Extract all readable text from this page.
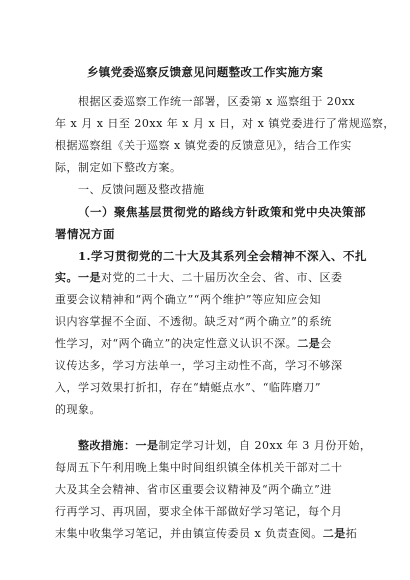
乡镇党委巡察反馈意见问题整改工作实施方案
根据区委巡察工作统一部署，区委第 x 巡察组于 20xx
年 x 月 x 日至 20xx 年 x 月 x 日，对 x 镇党委进行了常规巡察，
根据巡察组《关于巡察 x 镇党委的反馈意见》，结合工作实
际，制定如下整改方案。
一、反馈问题及整改措施
（一）聚焦基层贯彻党的路线方针政策和党中央决策部
署情况方面
1.学习贯彻党的二十大及其系列全会精神不深入、不扎
实。一是对党的二十大、二十届历次全会、省、市、区委
重要会议精神和“两个确立”“两个维护”等应知应会知
识内容掌握不全面、不透彻。缺乏对“两个确立”的系统
性学习，对“两个确立”的决定性意义认识不深。二是会
议传达多，学习方法单一，学习主动性不高，学习不够深
入，学习效果打折扣，存在“蜻蜓点水”、“临阵磨刀”
的现象。
整改措施：一是制定学习计划，自 20xx 年 3 月份开始，
每周五下午利用晚上集中时间组织镇全体机关干部对二十
大及其全会精神、省市区重要会议精神及“两个确立”进
行再学习、再巩固，要求全体干部做好学习笔记，每个月
末集中收集学习笔记，并由镇宣传委员 x 负责查阅。二是拓
